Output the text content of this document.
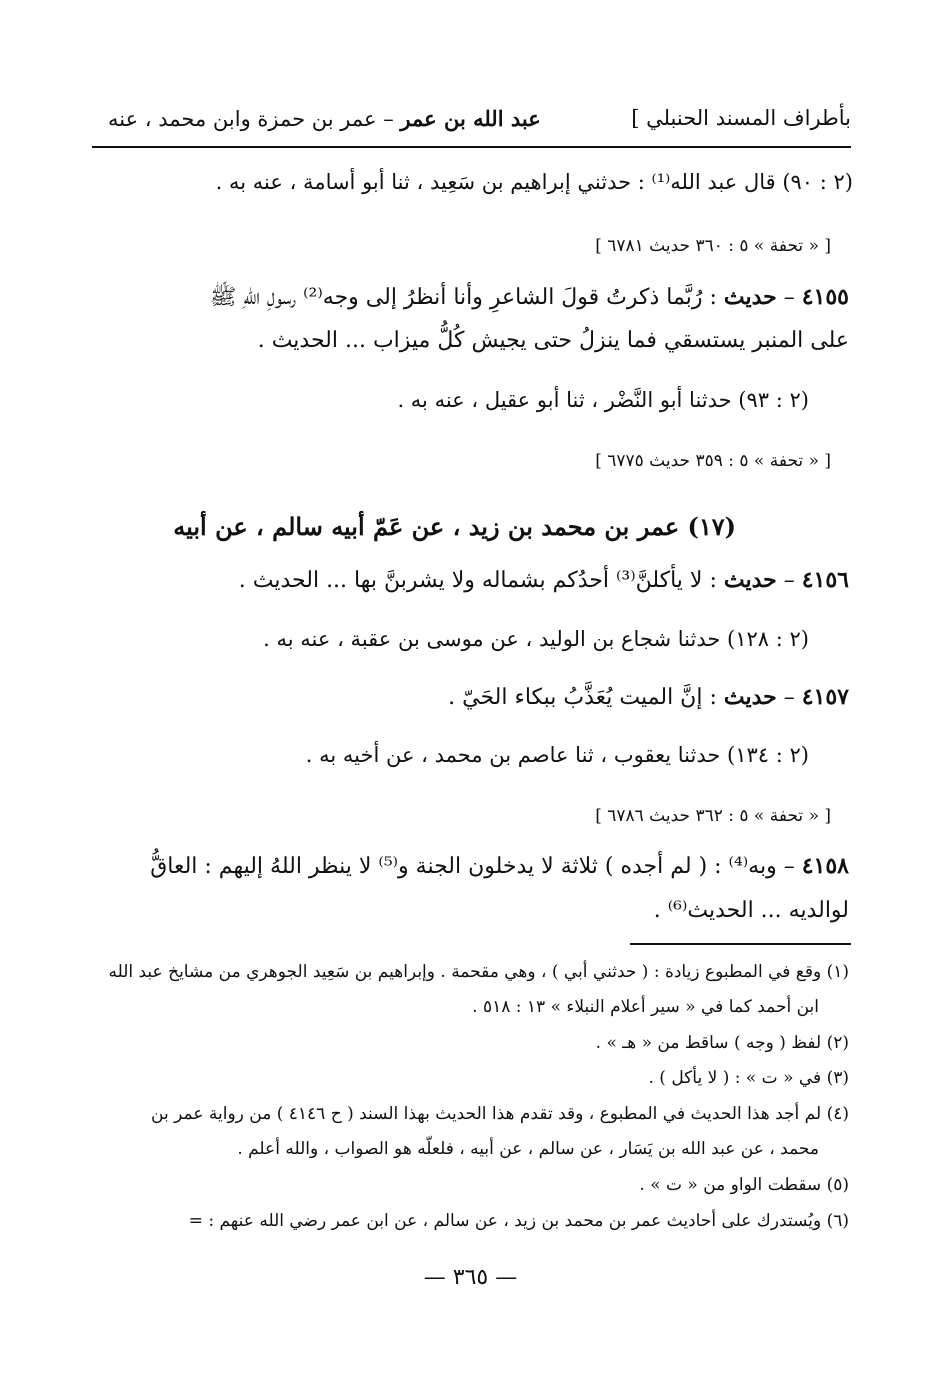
بأطراف المسند الحنبلي ]
عبد الله بن عمر – عمر بن حمزة وابن محمد ، عنه
(٢ : ٩٠) قال عبد الله⁽¹⁾ : حدثني إبراهيم بن سَعِيد ، ثنا أبو أسامة ، عنه به .
[ « تحفة » ٥ : ٣٦٠ حديث ٦٧٨١ ]
٤١٥٥ – حديث : رُبَّما ذكرتُ قولَ الشاعرِ وأنا أنظرُ إلى وجه⁽²⁾ رسولِ اللهِ ﷺ
على المنبر يستسقي فما ينزلُ حتى يجيش كُلُّ ميزاب ... الحديث .
(٢ : ٩٣) حدثنا أبو النَّضْر ، ثنا أبو عقيل ، عنه به .
[ « تحفة » ٥ : ٣٥٩ حديث ٦٧٧٥ ]
(١٧) عمر بن محمد بن زيد ، عن عَمّ أبيه سالم ، عن أبيه
٤١٥٦ – حديث : لا يأكلنَّ⁽³⁾ أحدُكم بشماله ولا يشربنَّ بها ... الحديث .
(٢ : ١٢٨) حدثنا شجاع بن الوليد ، عن موسى بن عقبة ، عنه به .
٤١٥٧ – حديث : إنَّ الميت يُعَذَّبُ ببكاء الحَيّ .
(٢ : ١٣٤) حدثنا يعقوب ، ثنا عاصم بن محمد ، عن أخيه به .
[ « تحفة » ٥ : ٣٦٢ حديث ٦٧٨٦ ]
٤١٥٨ – وبه⁽⁴⁾ : ( لم أجده ) ثلاثة لا يدخلون الجنة و⁽⁵⁾ لا ينظر اللهُ إليهم : العاقُّ
لوالديه ... الحديث⁽⁶⁾ .
(١) وقع في المطبوع زيادة : ( حدثني أبي ) ، وهي مقحمة . وإبراهيم بن سَعِيد الجوهري من مشايخ عبد الله
ابن أحمد كما في « سير أعلام النبلاء » ١٣ : ٥١٨ .
(٢) لفظ ( وجه ) ساقط من « هـ » .
(٣) في « ت » : ( لا يأكل ) .
(٤) لم أجد هذا الحديث في المطبوع ، وقد تقدم هذا الحديث بهذا السند ( ح ٤١٤٦ ) من رواية عمر بن
محمد ، عن عبد الله بن يَسَار ، عن سالم ، عن أبيه ، فلعلّه هو الصواب ، والله أعلم .
(٥) سقطت الواو من « ت » .
(٦) ويُستدرك على أحاديث عمر بن محمد بن زيد ، عن سالم ، عن ابن عمر رضي الله عنهم : =
— ٣٦٥ —
